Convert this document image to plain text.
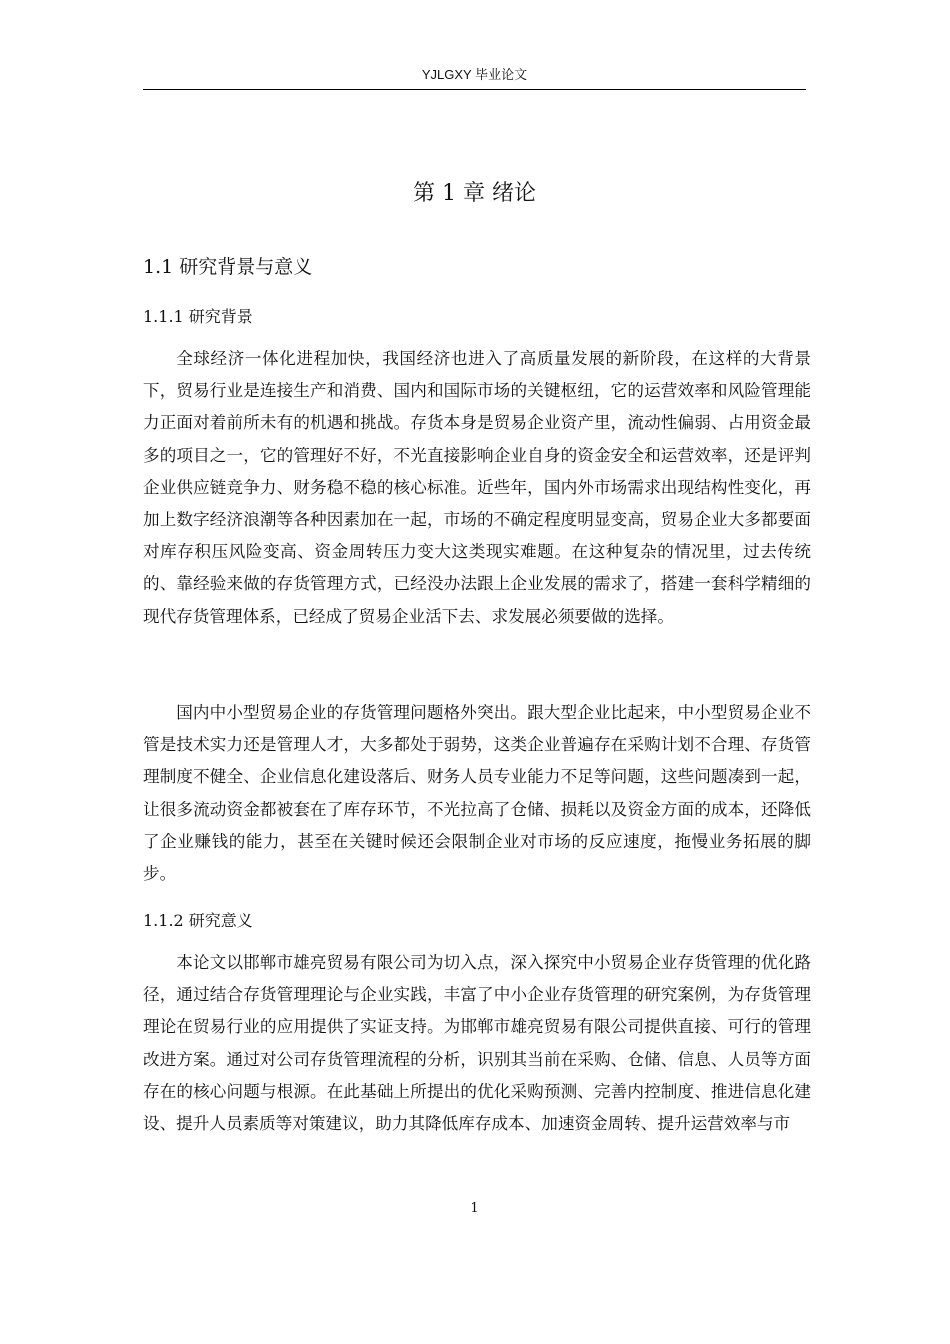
YJLGXY 毕业论文
第 1 章 绪论
1.1 研究背景与意义
1.1.1 研究背景

全球经济一体化进程加快，我国经济也进入了高质量发展的新阶段，在这样的大背景下，贸易行业是连接生产和消费、国内和国际市场的关键枢纽，它的运营效率和风险管理能力正面对着前所未有的机遇和挑战。存货本身是贸易企业资产里，流动性偏弱、占用资金最多的项目之一，它的管理好不好，不光直接影响企业自身的资金安全和运营效率，还是评判企业供应链竞争力、财务稳不稳的核心标准。近些年，国内外市场需求出现结构性变化，再加上数字经济浪潮等各种因素加在一起，市场的不确定程度明显变高，贸易企业大多都要面对库存积压风险变高、资金周转压力变大这类现实难题。在这种复杂的情况里，过去传统的、靠经验来做的存货管理方式，已经没办法跟上企业发展的需求了，搭建一套科学精细的现代存货管理体系，已经成了贸易企业活下去、求发展必须要做的选择。

国内中小型贸易企业的存货管理问题格外突出。跟大型企业比起来，中小型贸易企业不管是技术实力还是管理人才，大多都处于弱势，这类企业普遍存在采购计划不合理、存货管理制度不健全、企业信息化建设落后、财务人员专业能力不足等问题，这些问题凑到一起，让很多流动资金都被套在了库存环节，不光拉高了仓储、损耗以及资金方面的成本，还降低了企业赚钱的能力，甚至在关键时候还会限制企业对市场的反应速度，拖慢业务拓展的脚步。

1.1.2 研究意义

本论文以邯郸市雄亮贸易有限公司为切入点，深入探究中小贸易企业存货管理的优化路径，通过结合存货管理理论与企业实践，丰富了中小企业存货管理的研究案例，为存货管理理论在贸易行业的应用提供了实证支持。为邯郸市雄亮贸易有限公司提供直接、可行的管理改进方案。通过对公司存货管理流程的分析，识别其当前在采购、仓储、信息、人员等方面存在的核心问题与根源。在此基础上所提出的优化采购预测、完善内控制度、推进信息化建设、提升人员素质等对策建议，助力其降低库存成本、加速资金周转、提升运营效率与市

1
